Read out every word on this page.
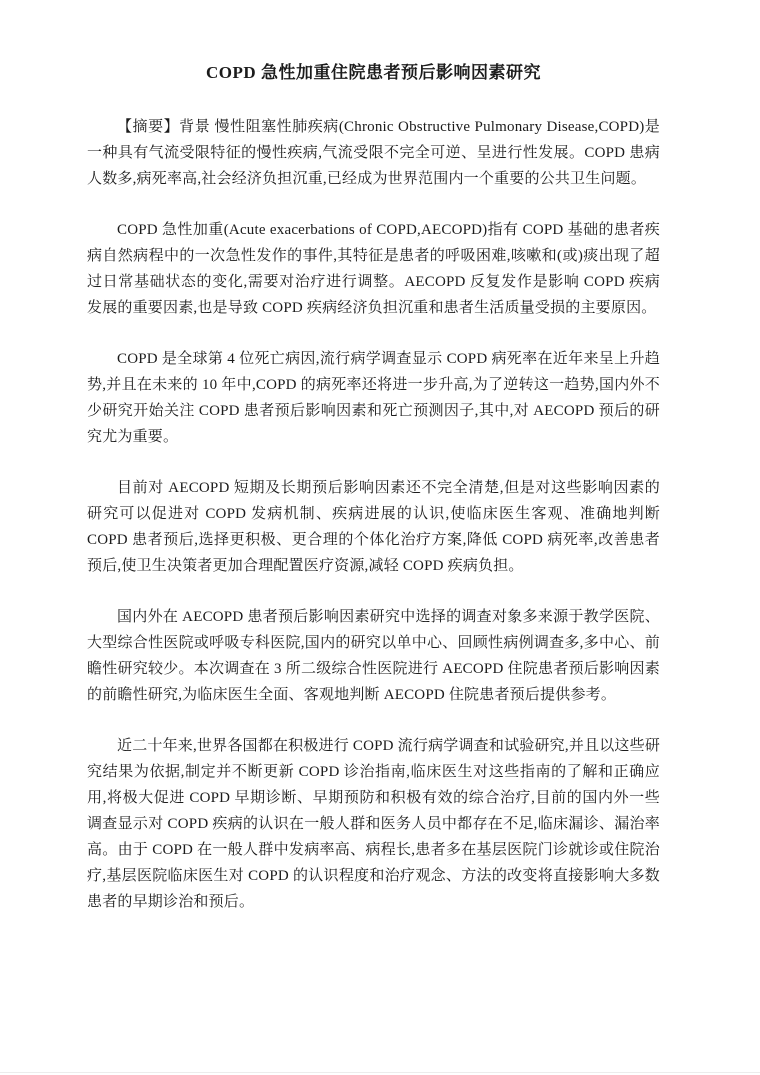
COPD 急性加重住院患者预后影响因素研究

【摘要】背景 慢性阻塞性肺疾病(Chronic Obstructive Pulmonary Disease,COPD)是一种具有气流受限特征的慢性疾病,气流受限不完全可逆、呈进行性发展。COPD 患病人数多,病死率高,社会经济负担沉重,已经成为世界范围内一个重要的公共卫生问题。

COPD 急性加重(Acute exacerbations of COPD,AECOPD)指有 COPD 基础的患者疾病自然病程中的一次急性发作的事件,其特征是患者的呼吸困难,咳嗽和(或)痰出现了超过日常基础状态的变化,需要对治疗进行调整。AECOPD 反复发作是影响 COPD 疾病发展的重要因素,也是导致 COPD 疾病经济负担沉重和患者生活质量受损的主要原因。

COPD 是全球第 4 位死亡病因,流行病学调查显示 COPD 病死率在近年来呈上升趋势,并且在未来的 10 年中,COPD 的病死率还将进一步升高,为了逆转这一趋势,国内外不少研究开始关注 COPD 患者预后影响因素和死亡预测因子,其中,对 AECOPD 预后的研究尤为重要。

目前对 AECOPD 短期及长期预后影响因素还不完全清楚,但是对这些影响因素的研究可以促进对 COPD 发病机制、疾病进展的认识,使临床医生客观、准确地判断 COPD 患者预后,选择更积极、更合理的个体化治疗方案,降低 COPD 病死率,改善患者预后,使卫生决策者更加合理配置医疗资源,减轻 COPD 疾病负担。

国内外在 AECOPD 患者预后影响因素研究中选择的调查对象多来源于教学医院、大型综合性医院或呼吸专科医院,国内的研究以单中心、回顾性病例调查多,多中心、前瞻性研究较少。本次调查在 3 所二级综合性医院进行 AECOPD 住院患者预后影响因素的前瞻性研究,为临床医生全面、客观地判断 AECOPD 住院患者预后提供参考。

近二十年来,世界各国都在积极进行 COPD 流行病学调查和试验研究,并且以这些研究结果为依据,制定并不断更新 COPD 诊治指南,临床医生对这些指南的了解和正确应用,将极大促进 COPD 早期诊断、早期预防和积极有效的综合治疗,目前的国内外一些调查显示对 COPD 疾病的认识在一般人群和医务人员中都存在不足,临床漏诊、漏治率高。由于 COPD 在一般人群中发病率高、病程长,患者多在基层医院门诊就诊或住院治疗,基层医院临床医生对 COPD 的认识程度和治疗观念、方法的改变将直接影响大多数患者的早期诊治和预后。
